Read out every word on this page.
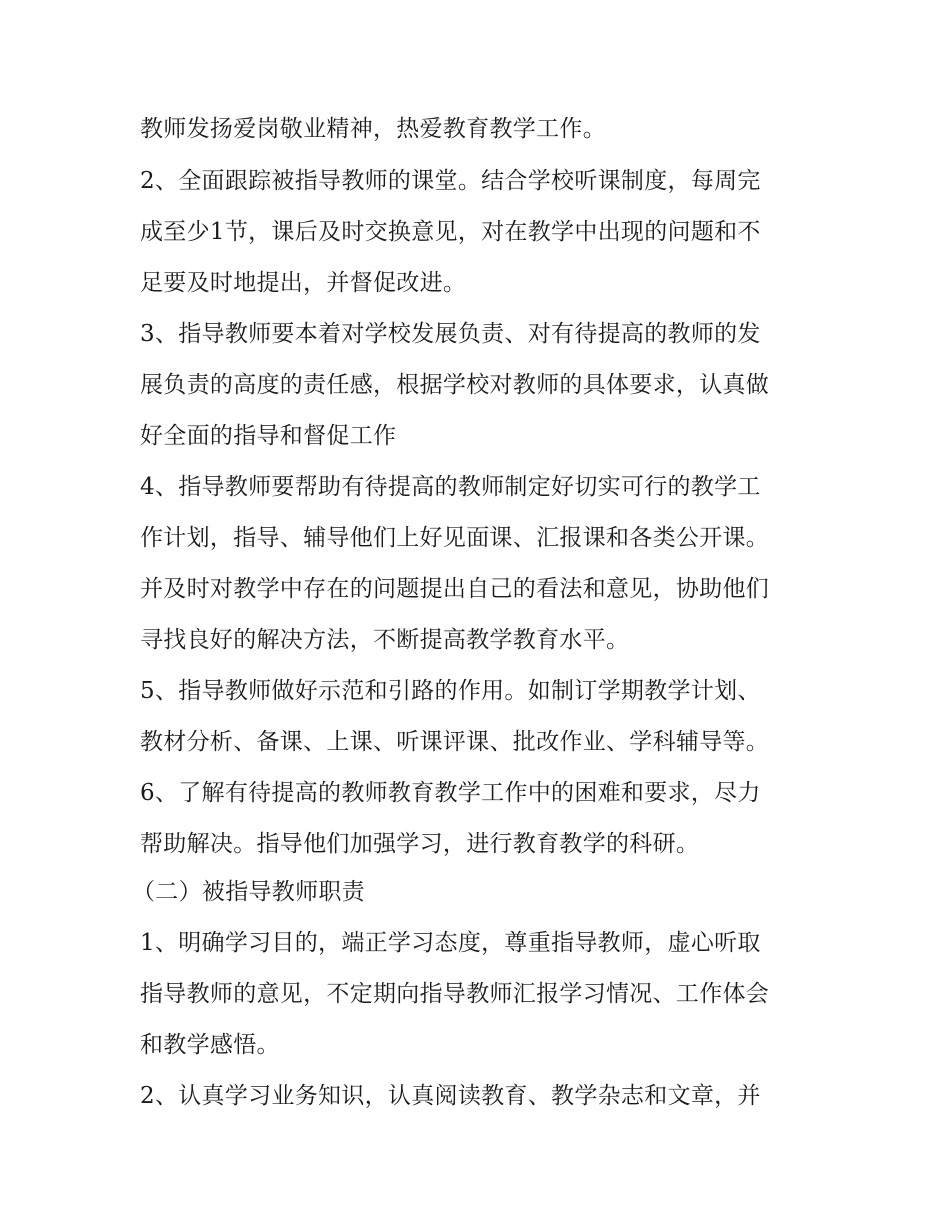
教师发扬爱岗敬业精神，热爱教育教学工作。
2、全面跟踪被指导教师的课堂。结合学校听课制度，每周完
成至少1节，课后及时交换意见，对在教学中出现的问题和不
足要及时地提出，并督促改进。
3、指导教师要本着对学校发展负责、对有待提高的教师的发
展负责的高度的责任感，根据学校对教师的具体要求，认真做
好全面的指导和督促工作
4、指导教师要帮助有待提高的教师制定好切实可行的教学工
作计划，指导、辅导他们上好见面课、汇报课和各类公开课。
并及时对教学中存在的问题提出自己的看法和意见，协助他们
寻找良好的解决方法，不断提高教学教育水平。
5、指导教师做好示范和引路的作用。如制订学期教学计划、
教材分析、备课、上课、听课评课、批改作业、学科辅导等。
6、了解有待提高的教师教育教学工作中的困难和要求，尽力
帮助解决。指导他们加强学习，进行教育教学的科研。
（二）被指导教师职责
1、明确学习目的，端正学习态度，尊重指导教师，虚心听取
指导教师的意见，不定期向指导教师汇报学习情况、工作体会
和教学感悟。
2、认真学习业务知识，认真阅读教育、教学杂志和文章，并
